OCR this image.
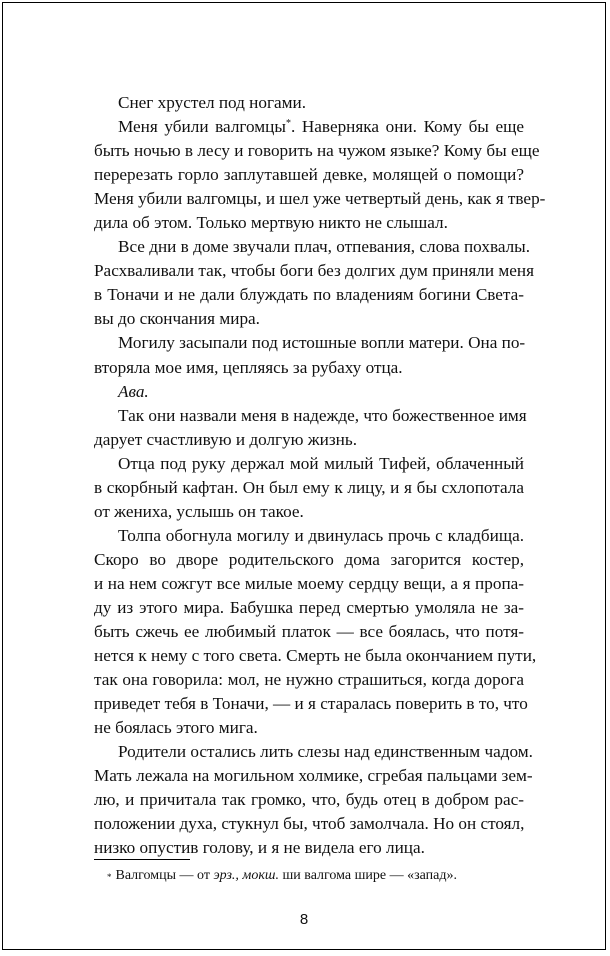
Снег хрустел под ногами.
Меня убили валгомцы*. Наверняка они. Кому бы еще
быть ночью в лесу и говорить на чужом языке? Кому бы еще
перерезать горло заплутавшей девке, молящей о помощи?
Меня убили валгомцы, и шел уже четвертый день, как я твер-
дила об этом. Только мертвую никто не слышал.
Все дни в доме звучали плач, отпевания, слова похвалы.
Расхваливали так, чтобы боги без долгих дум приняли меня
в Тоначи и не дали блуждать по владениям богини Света-
вы до скончания мира.
Могилу засыпали под истошные вопли матери. Она по-
вторяла мое имя, цепляясь за рубаху отца.
Ава.
Так они назвали меня в надежде, что божественное имя
дарует счастливую и долгую жизнь.
Отца под руку держал мой милый Тифей, облаченный
в скорбный кафтан. Он был ему к лицу, и я бы схлопотала
от жениха, услышь он такое.
Толпа обогнула могилу и двинулась прочь с кладбища.
Скоро во дворе родительского дома загорится костер,
и на нем сожгут все милые моему сердцу вещи, а я пропа-
ду из этого мира. Бабушка перед смертью умоляла не за-
быть сжечь ее любимый платок — все боялась, что потя-
нется к нему с того света. Смерть не была окончанием пути,
так она говорила: мол, не нужно страшиться, когда дорога
приведет тебя в Тоначи, — и я старалась поверить в то, что
не боялась этого мига.
Родители остались лить слезы над единственным чадом.
Мать лежала на могильном холмике, сгребая пальцами зем-
лю, и причитала так громко, что, будь отец в добром рас-
положении духа, стукнул бы, чтоб замолчала. Но он стоял,
низко опустив голову, и я не видела его лица.
* Валгомцы — от эрз., мокш. ши валгома шире — «запад».
8
